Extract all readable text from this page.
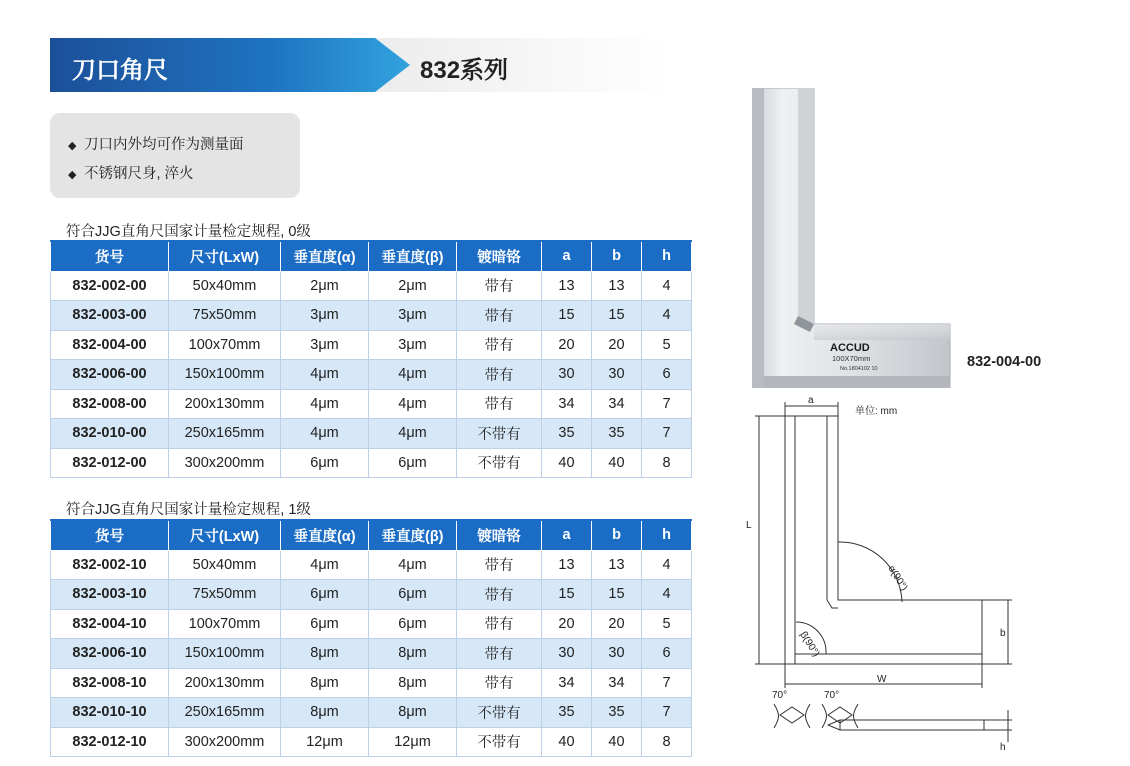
刀口角尺	832系列
◆ 刀口内外均可作为测量面
◆ 不锈钢尺身, 淬火
符合JJG直角尺国家计量检定规程, 0级
货号	尺寸(LxW)	垂直度(α)	垂直度(β)	镀暗铬	a	b	h
832-002-00	50x40mm	2μm	2μm	带有	13	13	4
832-003-00	75x50mm	3μm	3μm	带有	15	15	4
832-004-00	100x70mm	3μm	3μm	带有	20	20	5
832-006-00	150x100mm	4μm	4μm	带有	30	30	6
832-008-00	200x130mm	4μm	4μm	带有	34	34	7
832-010-00	250x165mm	4μm	4μm	不带有	35	35	7
832-012-00	300x200mm	6μm	6μm	不带有	40	40	8
符合JJG直角尺国家计量检定规程, 1级
货号	尺寸(LxW)	垂直度(α)	垂直度(β)	镀暗铬	a	b	h
832-002-10	50x40mm	4μm	4μm	带有	13	13	4
832-003-10	75x50mm	6μm	6μm	带有	15	15	4
832-004-10	100x70mm	6μm	6μm	带有	20	20	5
832-006-10	150x100mm	8μm	8μm	带有	30	30	6
832-008-10	200x130mm	8μm	8μm	带有	34	34	7
832-010-10	250x165mm	8μm	8μm	不带有	35	35	7
832-012-10	300x200mm	12μm	12μm	不带有	40	40	8
ACCUD
100X70mm
No.1804102 10	832-004-00
a
单位: mm
L
W
b
h
α(90°)
β(90°)
70°	70°
